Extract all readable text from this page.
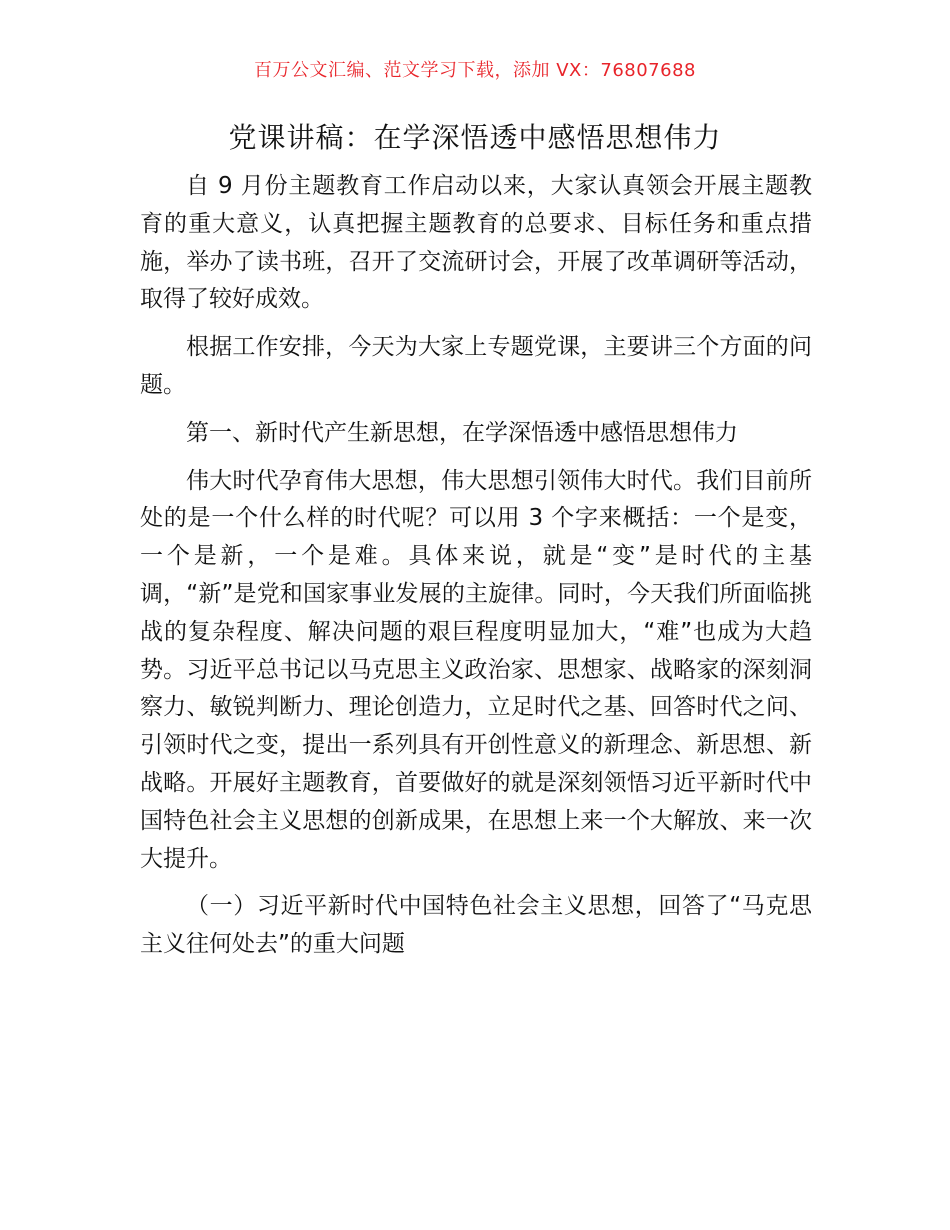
百万公文汇编、范文学习下载，添加 VX：76807688
党课讲稿：在学深悟透中感悟思想伟力

自 9 月份主题教育工作启动以来，大家认真领会开展主题教育的重大意义，认真把握主题教育的总要求、目标任务和重点措施，举办了读书班，召开了交流研讨会，开展了改革调研等活动，取得了较好成效。

根据工作安排，今天为大家上专题党课，主要讲三个方面的问题。

第一、新时代产生新思想，在学深悟透中感悟思想伟力

伟大时代孕育伟大思想，伟大思想引领伟大时代。我们目前所处的是一个什么样的时代呢？可以用 3 个字来概括：一个是变，一个是新，一个是难。具体来说，就是“变”是时代的主基调，“新”是党和国家事业发展的主旋律。同时，今天我们所面临挑战的复杂程度、解决问题的艰巨程度明显加大，“难”也成为大趋势。习近平总书记以马克思主义政治家、思想家、战略家的深刻洞察力、敏锐判断力、理论创造力，立足时代之基、回答时代之问、引领时代之变，提出一系列具有开创性意义的新理念、新思想、新战略。开展好主题教育，首要做好的就是深刻领悟习近平新时代中国特色社会主义思想的创新成果，在思想上来一个大解放、来一次大提升。

（一）习近平新时代中国特色社会主义思想，回答了“马克思主义往何处去”的重大问题
